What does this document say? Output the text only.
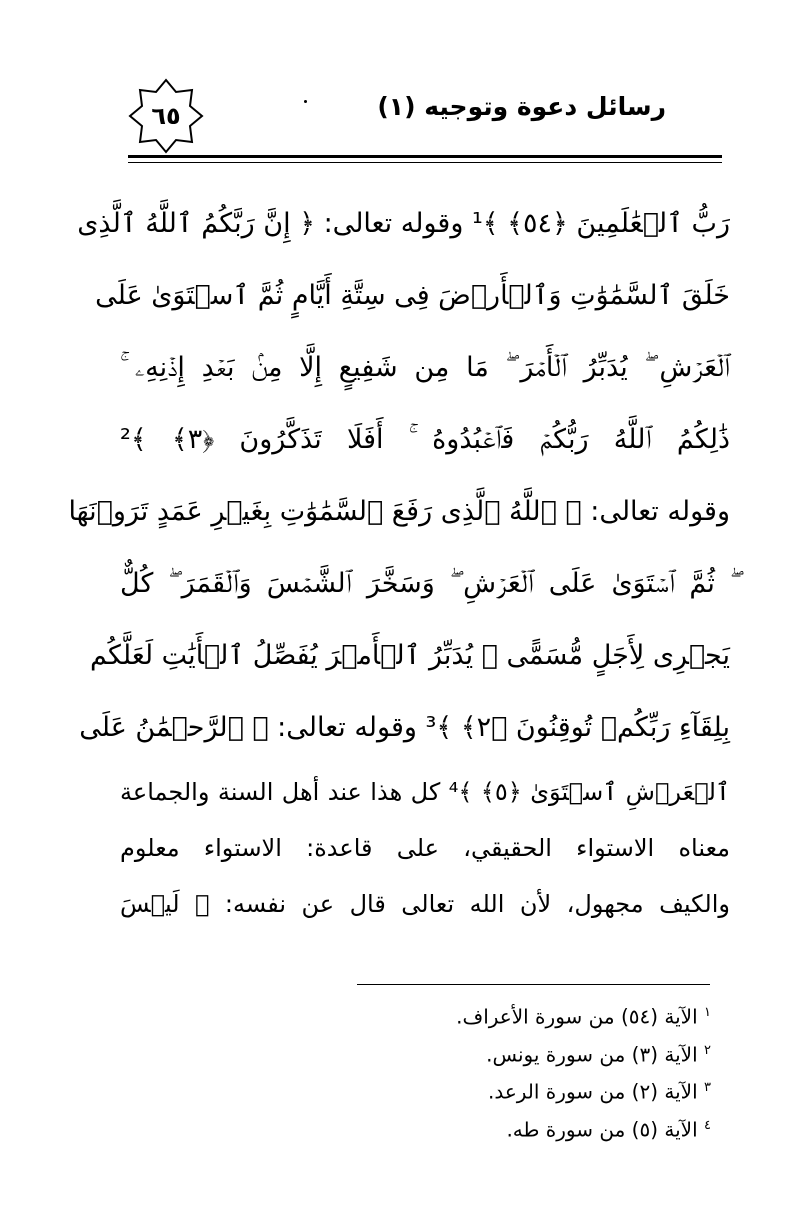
٦٥	رسائل دعوة وتوجيه (١)
رَبُّ ٱلۡعَٰلَمِينَ ﴿٥٤﴾ ﴾¹ وقوله تعالى: ﴿ إِنَّ رَبَّكُمُ ٱللَّهُ ٱلَّذِى
خَلَقَ ٱلسَّمَٰوَٰتِ وَٱلۡأَرۡضَ فِى سِتَّةِ أَيَّامٍ ثُمَّ ٱسۡتَوَىٰ عَلَى
ٱلۡعَرۡشِ ۖ يُدَبِّرُ ٱلۡأَمۡرَ ۖ مَا مِن شَفِيعٍ إِلَّا مِنۢ بَعۡدِ إِذۡنِهِۦ ۚ
ذَٰلِكُمُ ٱللَّهُ رَبُّكُمۡ فَٱعۡبُدُوهُ ۚ أَفَلَا تَذَكَّرُونَ ﴿٣﴾ ﴾²
وقوله تعالى: ﴿ ٱللَّهُ ٱلَّذِى رَفَعَ ٱلسَّمَٰوَٰتِ بِغَيۡرِ عَمَدٍ تَرَوۡنَهَا
ۖ ثُمَّ ٱسۡتَوَىٰ عَلَى ٱلۡعَرۡشِ ۖ وَسَخَّرَ ٱلشَّمۡسَ وَٱلۡقَمَرَ ۖ كُلٌّ
يَجۡرِى لِأَجَلٍ مُّسَمًّى ۚ يُدَبِّرُ ٱلۡأَمۡرَ يُفَصِّلُ ٱلۡأَيَٰتِ لَعَلَّكُم
بِلِقَآءِ رَبِّكُمۡ تُوقِنُونَ ﴿٢﴾ ﴾³ وقوله تعالى: ﴿ ٱلرَّحۡمَٰنُ عَلَى
ٱلۡعَرۡشِ ٱسۡتَوَىٰ ﴿٥﴾ ﴾⁴ كل هذا عند أهل السنة والجماعة
معناه الاستواء الحقيقي، على قاعدة: الاستواء معلوم
والكيف مجهول، لأن الله تعالى قال عن نفسه: ﴿ لَيۡسَ
$^١$ الآية (٥٤) من سورة الأعراف.
$^٢$ الآية (٣) من سورة يونس.
$^٣$ الآية (٢) من سورة الرعد.
$^٤$ الآية (٥) من سورة طه.
